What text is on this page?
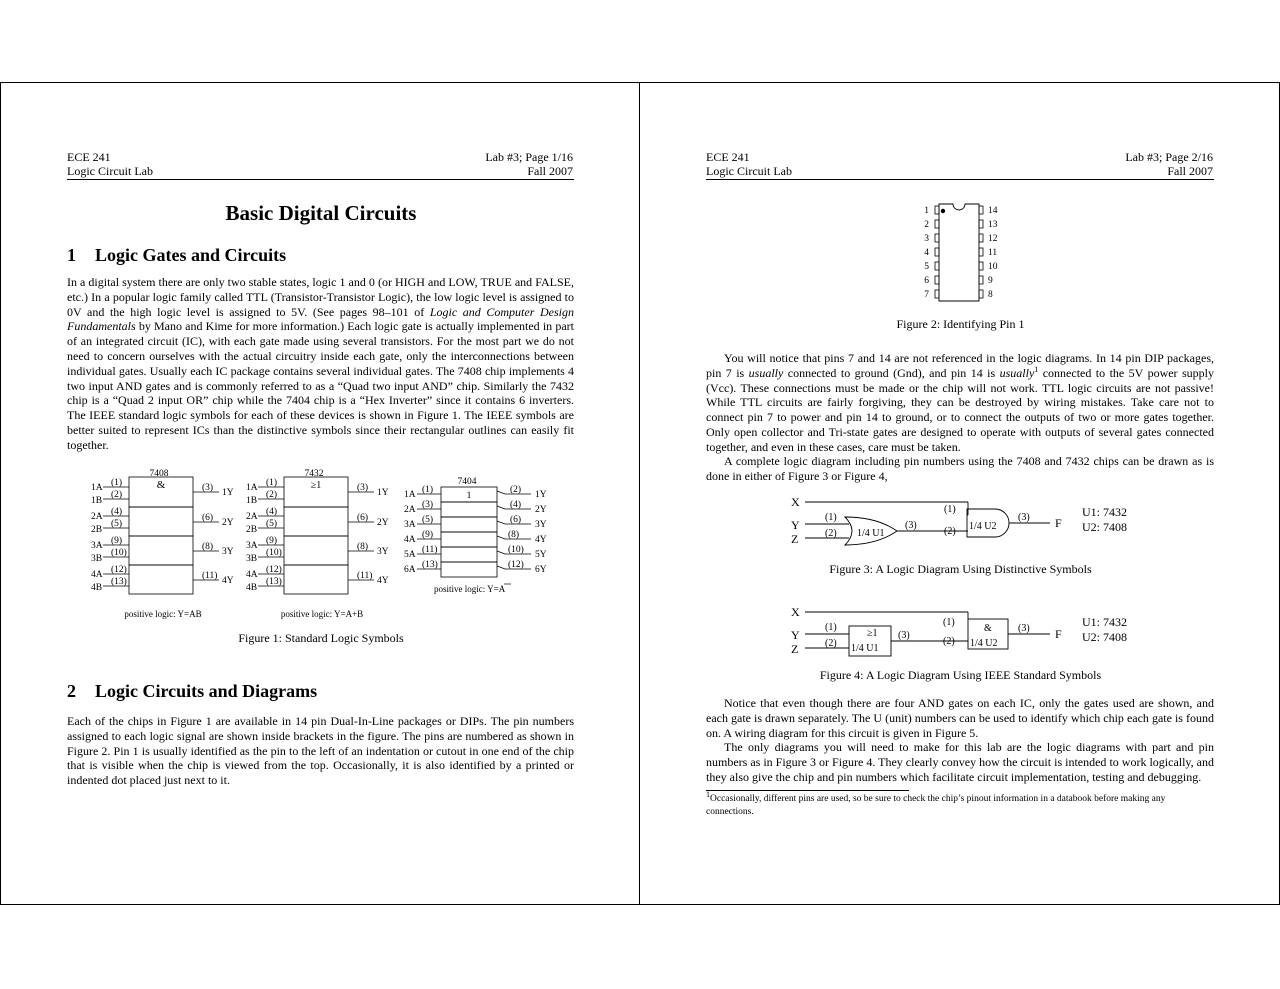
ECE 241
Logic Circuit Lab
Lab #3; Page 1/16
Fall 2007
Basic Digital Circuits
1 Logic Gates and Circuits

In a digital system there are only two stable states, logic 1 and 0 (or HIGH and LOW, TRUE and FALSE, etc.) In a popular logic family called TTL (Transistor-Transistor Logic), the low logic level is assigned to 0V and the high logic level is assigned to 5V. (See pages 98–101 of Logic and Computer Design Fundamentals by Mano and Kime for more information.) Each logic gate is actually implemented in part of an integrated circuit (IC), with each gate made using several transistors. For the most part we do not need to concern ourselves with the actual circuitry inside each gate, only the interconnections between individual gates. Usually each IC package contains several individual gates. The 7408 chip implements 4 two input AND gates and is commonly referred to as a “Quad two input AND” chip. Similarly the 7432 chip is a “Quad 2 input OR” chip while the 7404 chip is a “Hex Inverter” since it contains 6 inverters. The IEEE standard logic symbols for each of these devices is shown in Figure 1. The IEEE symbols are better suited to represent ICs than the distinctive symbols since their rectangular outlines can easily fit together.

7408
&
1A
1B
2A
2B
3A
3B
4A
4B
(1)
(2)
(4)
(5)
(9)
(10)
(12)
(13)
(3)
(6)
(8)
(11)
1Y
2Y
3Y
4Y
positive logic: Y=AB
7432
≥1
1A
1B
2A
2B
3A
3B
4A
4B
(1)
(2)
(4)
(5)
(9)
(10)
(12)
(13)
(3)
(6)
(8)
(11)
1Y
2Y
3Y
4Y
positive logic: Y=A+B
7404
1
1A
2A
3A
4A
5A
6A
(1)
(3)
(5)
(9)
(11)
(13)
(2)
(4)
(6)
(8)
(10)
(12)
1Y
2Y
3Y
4Y
5Y
6Y
positive logic: Y=A
Figure 1: Standard Logic Symbols
2 Logic Circuits and Diagrams

Each of the chips in Figure 1 are available in 14 pin Dual-In-Line packages or DIPs. The pin numbers assigned to each logic signal are shown inside brackets in the figure. The pins are numbered as shown in Figure 2. Pin 1 is usually identified as the pin to the left of an indentation or cutout in one end of the chip that is visible when the chip is viewed from the top. Occasionally, it is also identified by a printed or indented dot placed just next to it.

ECE 241
Logic Circuit Lab
Lab #3; Page 2/16
Fall 2007
1
2
3
4
5
6
7
14
13
12
11
10
9
8
Figure 2: Identifying Pin 1

You will notice that pins 7 and 14 are not referenced in the logic diagrams. In 14 pin DIP packages, pin 7 is usually connected to ground (Gnd), and pin 14 is usually$^1$ connected to the 5V power supply (Vcc). These connections must be made or the chip will not work. TTL logic circuits are not passive! While TTL circuits are fairly forgiving, they can be destroyed by wiring mistakes. Take care not to connect pin 7 to power and pin 14 to ground, or to connect the outputs of two or more gates together. Only open collector and Tri-state gates are designed to operate with outputs of several gates connected together, and even in these cases, care must be taken.

A complete logic diagram including pin numbers using the 7408 and 7432 chips can be drawn as is done in either of Figure 3 or Figure 4,

X
Y
Z
(1)
(2) 1/4 U1
(3)
(1)
(2) 1/4 U2
(3) F
U1: 7432
U2: 7408
Figure 3: A Logic Diagram Using Distinctive Symbols
X
Y
Z
(1)
(2)
≥1
1/4 U1
(3)
(1)
(2)
&
1/4 U2
(3) F
U1: 7432
U2: 7408
Figure 4: A Logic Diagram Using IEEE Standard Symbols

Notice that even though there are four AND gates on each IC, only the gates used are shown, and each gate is drawn separately. The U (unit) numbers can be used to identify which chip each gate is found on. A wiring diagram for this circuit is given in Figure 5.

The only diagrams you will need to make for this lab are the logic diagrams with part and pin numbers as in Figure 3 or Figure 4. They clearly convey how the circuit is intended to work logically, and they also give the chip and pin numbers which facilitate circuit implementation, testing and debugging.

$^1$Occasionally, different pins are used, so be sure to check the chip’s pinout information in a databook before making any connections.
